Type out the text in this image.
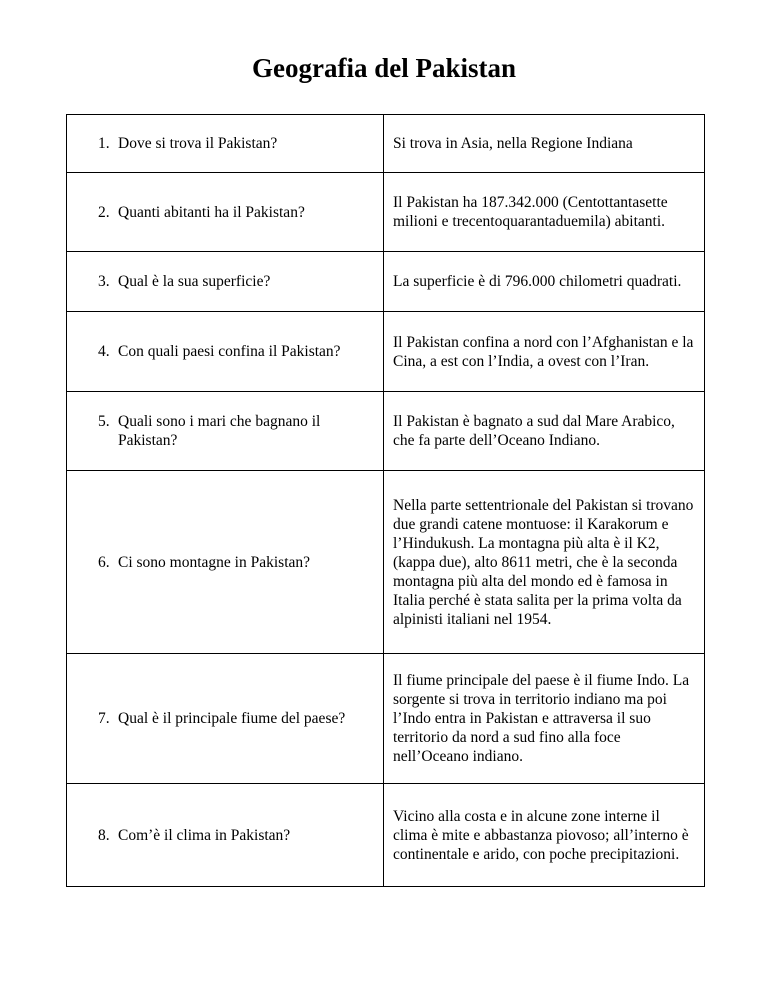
Geografia del Pakistan
1. Dove si trova il Pakistan?	Si trova in Asia, nella Regione Indiana

2. Quanti abitanti ha il Pakistan?	Il Pakistan ha 187.342.000 (Centottantasette milioni e trecentoquarantaduemila) abitanti.

3. Qual è la sua superficie?	La superficie è di 796.000 chilometri quadrati.

4. Con quali paesi confina il Pakistan?	Il Pakistan confina a nord con l’Afghanistan e la Cina, a est con l’India, a ovest con l’Iran.

5. Quali sono i mari che bagnano il Pakistan?	Il Pakistan è bagnato a sud dal Mare Arabico, che fa parte dell’Oceano Indiano.

6. Ci sono montagne in Pakistan?	Nella parte settentrionale del Pakistan si trovano due grandi catene montuose: il Karakorum e l’Hindukush. La montagna più alta è il K2, (kappa due), alto 8611 metri, che è la seconda montagna più alta del mondo ed è famosa in Italia perché è stata salita per la prima volta da alpinisti italiani nel 1954.

7. Qual è il principale fiume del paese?	Il fiume principale del paese è il fiume Indo. La sorgente si trova in territorio indiano ma poi l’Indo entra in Pakistan e attraversa il suo territorio da nord a sud fino alla foce nell’Oceano indiano.

8. Com’è il clima in Pakistan?	Vicino alla costa e in alcune zone interne il clima è mite e abbastanza piovoso; all’interno è continentale e arido, con poche precipitazioni.
